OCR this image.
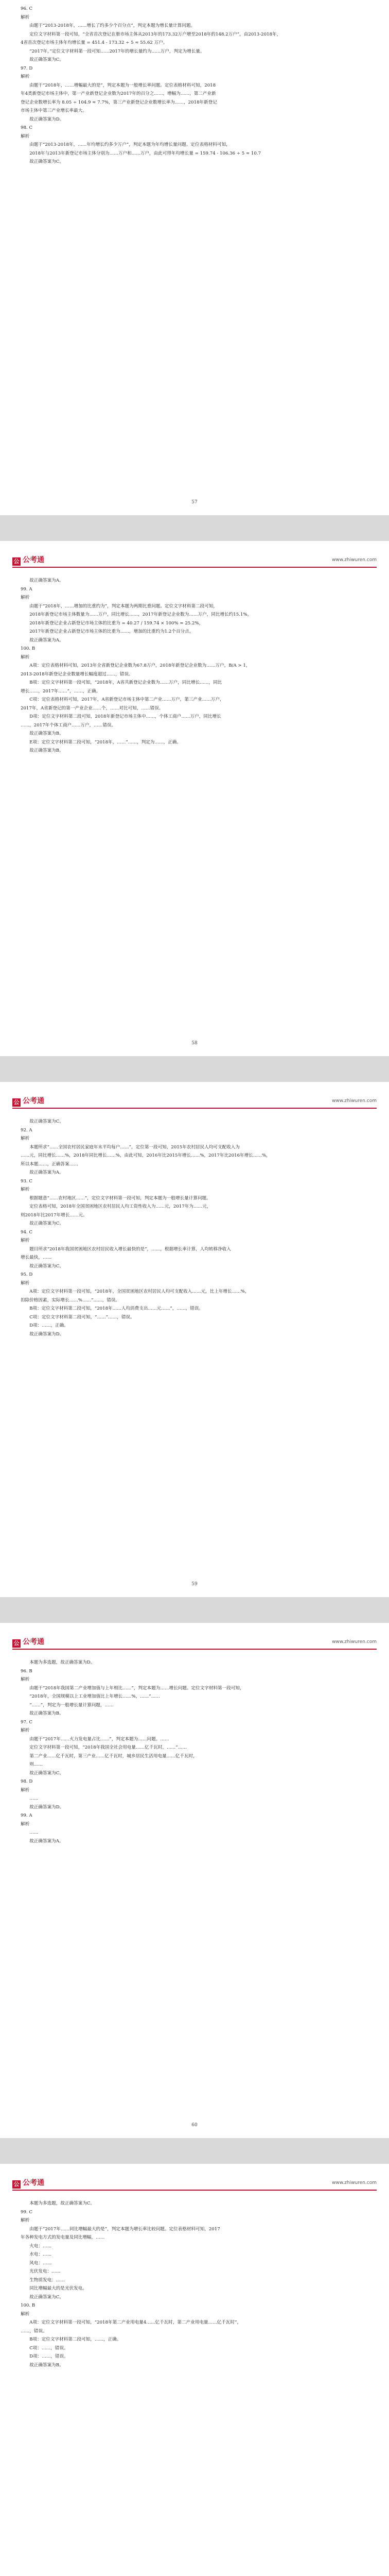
96. C

解析

由题干“2013-2018年，……增长了约多少个百分点”，判定本题为增长量计算问题。

定位文字材料第一段可知，“全省首次登记在册市场主体从2013年的173.32万户增至2018年的148.2万户”，由2013-2018年，

4省首次登记市场主体年均增长量 = 451.4 - 173.32 ÷ 5 ≈ 55.62 万户。

“2017年，”定位文字材料第一段可知……2017年的增长量约为……万户，判定为增长量。

故正确答案为C。

97. D

解析

由题干“2018年，……增幅最大的是”，判定本题为一般增长率问题。定位表格材料可知，2018

年4类新登记市场主体中，第一产业新登记企业数为2017年的百分之……，增幅为……，第二产业新

登记企业数增长率为 8.05 ÷ 104.9 ≈ 7.7%，第三产业新登记企业数增长率为……，2018年新登记

市场主体中第三产业增长率最大。

故正确答案为D。

98. C

解析

由题干“2013-2018年，……年均增长约多少万户”，判定本题为年均增长量问题。定位表格材料可知，

2018年与2013年新登记市场主体分别为……万户和……万户，由此可得年均增长量 = 159.74 - 106.36 ÷ 5 ≈ 10.7

故正确答案为C。

57
公 公考通	www.zhiwuren.com

故正确答案为A。

99. A

解析

由题干“2018年，……增加的比重约为”，判定本题为两期比重问题。定位文字材料第二段可知，

2018年新登记市场主体数量为……万户，同比增长……，2017年新登记企业数为……万户，同比增长约15.1%，

2018年新登记企业占新登记市场主体的比重为 = 40.27 / 159.74 × 100% ≈ 25.2%，

2017年新登记企业占新登记市场主体的比重为……，增加的比重约为1.2个百分点。

故正确答案为A。

100. B

解析

A项：定位表格材料可知，2013年全省新登记企业数为67.8万户，2018年新登记企业数为……万户，B/A > 1，

2013-2018年新登记企业数量增长幅度超过……，错误。

B项：定位文字材料第一段可知，“2018年，A省共新登记企业数为……万户，同比增长……，同比

增长……，2017年……”，……，正确。

C项：定位表格材料可知，2017年，A省新登记市场主体中第二产业……万户，第三产业……万户，

2017年，A省新登记的第一产业企业……个，……对比可知，……错误。

D项：定位文字材料第二段可知，2018年新登记市场主体中……，个体工商户……万户，同比增长

……，2017年个体工商户……万户，……错误。

故正确答案为B。

E项：定位文字材料第二段可知，“2018年，……”……，判定为……，正确。

故正确答案为B。

58
公 公考通	www.zhiwuren.com

故正确答案为C。

92. A

解析

本题所求“……全国农村居民家庭年末平均每户……”，定位第一段可知，2015年农村居民人均可支配收入为

……元，同比增长……%，2018年同比增长……%，由此可知，2016年比2015年增长……%，2017年比2016年增长……%，

所以本题……，正确答案……

故正确答案为A。

93. C

解析

根据题意“……农村地区……”，定位文字材料第一段可知，判定本题为一般增长量计算问题。

定位表格可知，2018年全国贫困地区农村居民人均工资性收入为……元，2017年为……元，

则2018年比2017年增长……元。

故正确答案为C。

94. C

解析

题目所求“2018年我国贫困地区农村居民收入增长最快的是”，……，根据增长率计算，人均转移净收入

增长最快，……

故正确答案为C。

95. D

解析

A项：定位文字材料第一段可知，“2018年，全国贫困地区农村居民人均可支配收入……元，比上年增长……%，

扣除价格因素，实际增长……%……”……，错误。

B项：定位文字材料第二段可知，“2018年……人均消费支出……元……”，……，错误。

C项：定位文字材料第二段可知，“……”……，错误。

D项：……，正确。

故正确答案为D。

59
公 公考通	www.zhiwuren.com

本题为多选题，故正确答案为D。

96. B

解析

由题干“2018年我国第二产业增加值与上年相比……”，判定本题为……增长问题。定位文字材料第一段可知，

“2018年，全国规模以上工业增加值比上年增长……%，……”……

“……”，判定为一般增长量计算问题，……

故正确答案为B。

97. C

解析

由题干“2017年……火力发电量占比……”，判定本题为……问题。……

定位文字材料第一段可知，“2018年我国全社会用电量……亿千瓦时，……”……

第二产业……亿千瓦时，第三产业……亿千瓦时，城乡居民生活用电量……亿千瓦时，

则……

故正确答案为C。

98. D

解析

……

故正确答案为D。

99. A

解析

……

故正确答案为A。

60
公 公考通	www.zhiwuren.com

本题为多选题，故正确答案为C。

99. C

解析

由题干“2017年……同比增幅最大的是”，判定本题为增长率比较问题。定位表格材料可知，2017

年各种发电方式的发电量及同比增幅，……

火电：……

水电：……

风电：……

光伏发电：……

生物质发电：……

同比增幅最大的是光伏发电。

故正确答案为C。

100. B

解析

A项：定位文字材料第一段可知，“2018年第二产业用电量4……亿千瓦时，第二产业用电量……亿千瓦时”，

……，错误。

B项：定位文字材料第二段可知，……，正确。

C项：……，错误。

D项：……，错误。

故正确答案为B。
